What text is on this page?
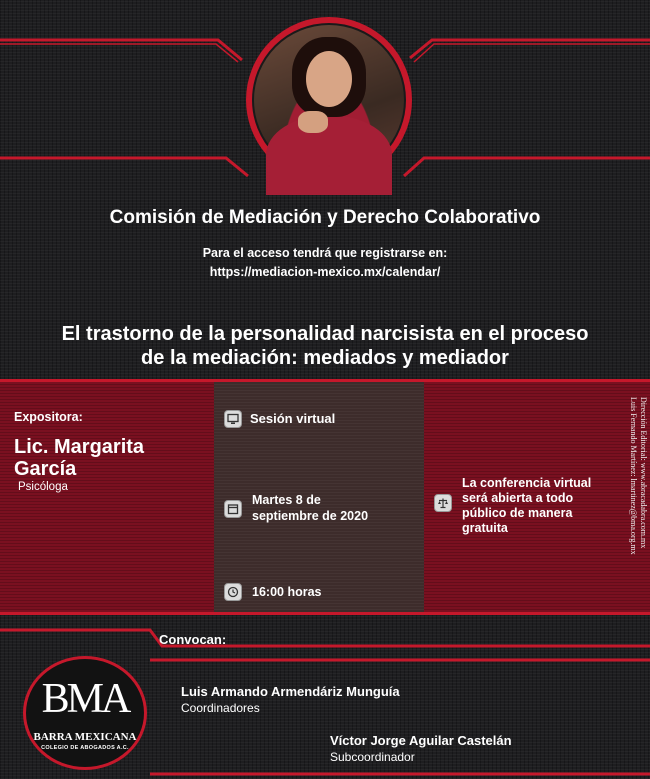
Comisión de Mediación y Derecho Colaborativo
Para el acceso tendrá que registrarse en:
https://mediacion-mexico.mx/calendar/
El trastorno de la personalidad narcisista en el proceso
de la mediación: mediados y mediador
Expositora:
Lic. Margarita
García
Psicóloga
Sesión virtual
Martes 8 de
septiembre de 2020
16:00 horas
La conferencia virtual
será abierta a todo
público de manera
gratuita	Dirección Editorial: www.abracadabra.com.mx
Luis Fernando Martínez: lmartinez@bma.org.mx
Convocan:
Luis Armando Armendáriz Munguía
Coordinadores
Víctor Jorge Aguilar Castelán
Subcoordinador
BMA
BARRA MEXICANA
COLEGIO DE ABOGADOS A.C.
